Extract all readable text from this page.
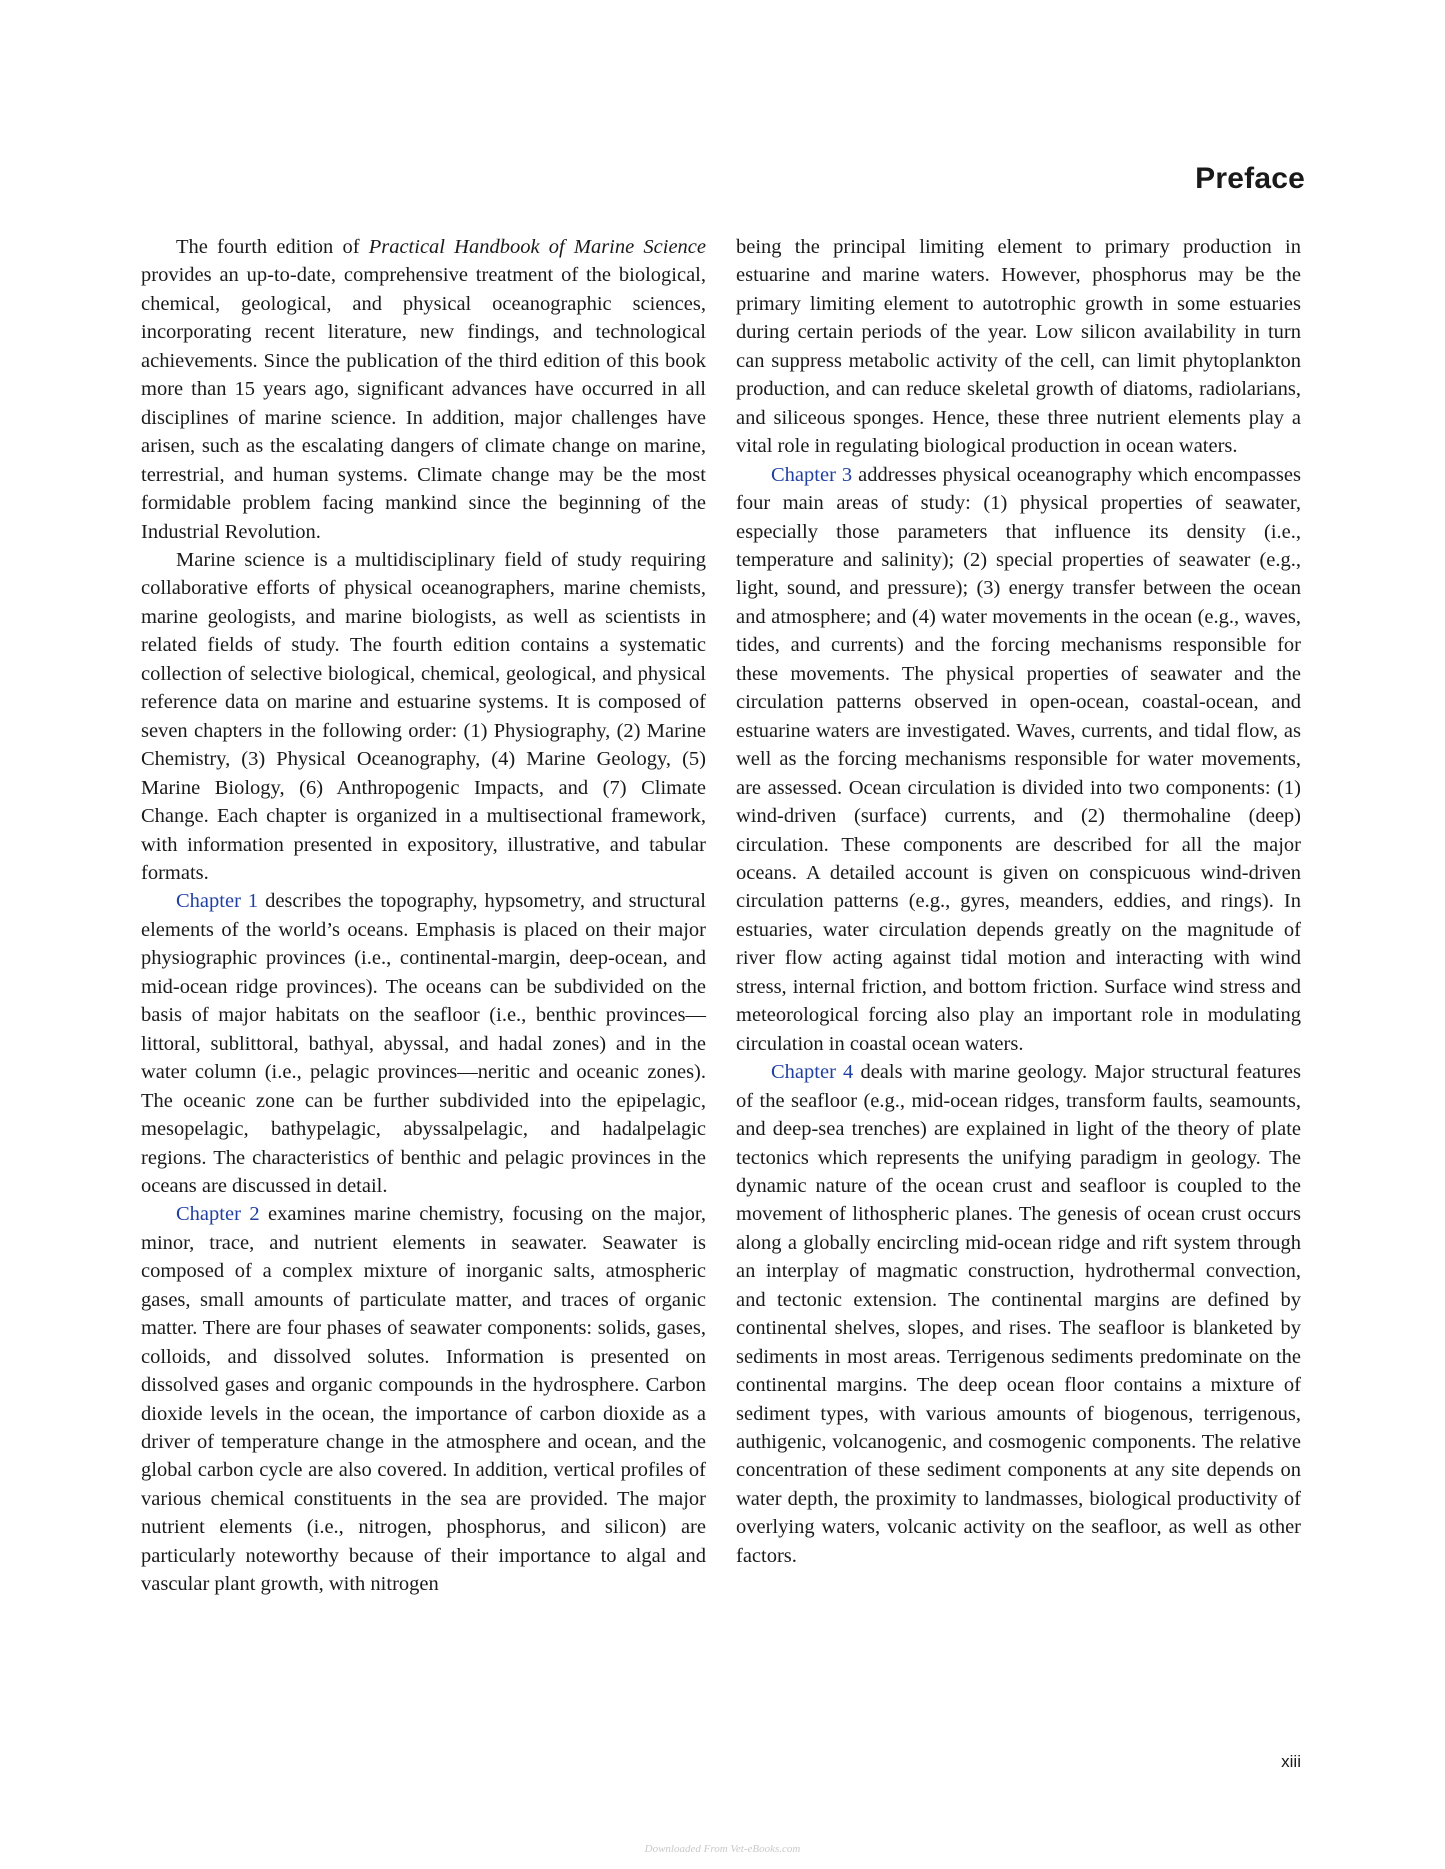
Preface

The fourth edition of Practical Handbook of Marine Science provides an up-to-date, comprehensive treatment of the biological, chemical, geological, and physical oceanographic sciences, incorporating recent literature, new findings, and technological achievements. Since the publication of the third edition of this book more than 15 years ago, significant advances have occurred in all disciplines of marine science. In addition, major challenges have arisen, such as the escalating dangers of climate change on marine, terrestrial, and human systems. Climate change may be the most formidable problem facing mankind since the beginning of the Industrial Revolution.

Marine science is a multidisciplinary field of study requiring collaborative efforts of physical oceanographers, marine chemists, marine geologists, and marine biologists, as well as scientists in related fields of study. The fourth edition contains a systematic collection of selective biological, chemical, geological, and physical reference data on marine and estuarine systems. It is composed of seven chapters in the following order: (1) Physiography, (2) Marine Chemistry, (3) Physical Oceanography, (4) Marine Geology, (5) Marine Biology, (6) Anthropogenic Impacts, and (7) Climate Change. Each chapter is organized in a multisectional framework, with information presented in expository, illustrative, and tabular formats.

Chapter 1 describes the topography, hypsometry, and structural elements of the world’s oceans. Emphasis is placed on their major physiographic provinces (i.e., continental-margin, deep-ocean, and mid-ocean ridge provinces). The oceans can be subdivided on the basis of major habitats on the seafloor (i.e., benthic provinces—littoral, sublittoral, bathyal, abyssal, and hadal zones) and in the water column (i.e., pelagic provinces—neritic and oceanic zones). The oceanic zone can be further subdivided into the epipelagic, mesopelagic, bathypelagic, abyssalpelagic, and hadalpelagic regions. The characteristics of benthic and pelagic provinces in the oceans are discussed in detail.

Chapter 2 examines marine chemistry, focusing on the major, minor, trace, and nutrient elements in seawater. Seawater is composed of a complex mixture of inorganic salts, atmospheric gases, small amounts of particulate matter, and traces of organic matter. There are four phases of seawater components: solids, gases, colloids, and dissolved solutes. Information is presented on dissolved gases and organic compounds in the hydrosphere. Carbon dioxide levels in the ocean, the importance of carbon dioxide as a driver of temperature change in the atmosphere and ocean, and the global carbon cycle are also covered. In addition, vertical profiles of various chemical constituents in the sea are provided. The major nutrient elements (i.e., nitrogen, phosphorus, and silicon) are particularly noteworthy because of their importance to algal and vascular plant growth, with nitrogen

being the principal limiting element to primary production in estuarine and marine waters. However, phosphorus may be the primary limiting element to autotrophic growth in some estuaries during certain periods of the year. Low silicon availability in turn can suppress metabolic activity of the cell, can limit phytoplankton production, and can reduce skeletal growth of diatoms, radiolarians, and siliceous sponges. Hence, these three nutrient elements play a vital role in regulating biological production in ocean waters.

Chapter 3 addresses physical oceanography which encompasses four main areas of study: (1) physical properties of seawater, especially those parameters that influence its density (i.e., temperature and salinity); (2) special properties of seawater (e.g., light, sound, and pressure); (3) energy transfer between the ocean and atmosphere; and (4) water movements in the ocean (e.g., waves, tides, and currents) and the forcing mechanisms responsible for these movements. The physical properties of seawater and the circulation patterns observed in open-ocean, coastal-ocean, and estuarine waters are investigated. Waves, currents, and tidal flow, as well as the forcing mechanisms responsible for water movements, are assessed. Ocean circulation is divided into two components: (1) wind-driven (surface) currents, and (2) thermohaline (deep) circulation. These components are described for all the major oceans. A detailed account is given on conspicuous wind-driven circulation patterns (e.g., gyres, meanders, eddies, and rings). In estuaries, water circulation depends greatly on the magnitude of river flow acting against tidal motion and interacting with wind stress, internal friction, and bottom friction. Surface wind stress and meteorological forcing also play an important role in modulating circulation in coastal ocean waters.

Chapter 4 deals with marine geology. Major structural features of the seafloor (e.g., mid-ocean ridges, transform faults, seamounts, and deep-sea trenches) are explained in light of the theory of plate tectonics which represents the unifying paradigm in geology. The dynamic nature of the ocean crust and seafloor is coupled to the movement of lithospheric planes. The genesis of ocean crust occurs along a globally encircling mid-ocean ridge and rift system through an interplay of magmatic construction, hydrothermal convection, and tectonic extension. The continental margins are defined by continental shelves, slopes, and rises. The seafloor is blanketed by sediments in most areas. Terrigenous sediments predominate on the continental margins. The deep ocean floor contains a mixture of sediment types, with various amounts of biogenous, terrigenous, authigenic, volcanogenic, and cosmogenic components. The relative concentration of these sediment components at any site depends on water depth, the proximity to landmasses, biological productivity of overlying waters, volcanic activity on the seafloor, as well as other factors.

xiii
Downloaded From Vet-eBooks.com
